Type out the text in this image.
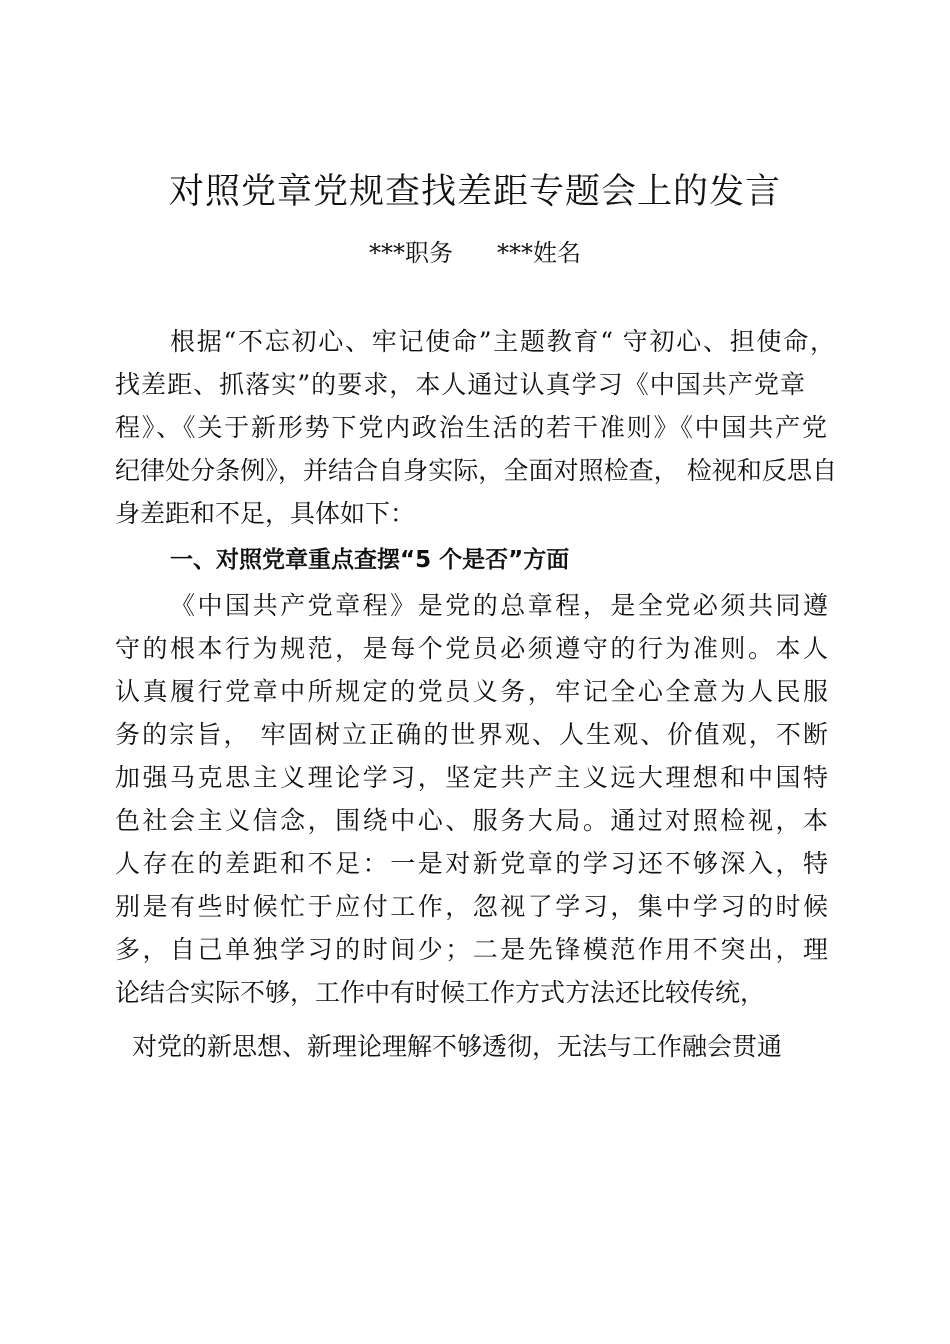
对照党章党规查找差距专题会上的发言
***职务 ***姓名
根据“不忘初心、牢记使命”主题教育“ 守初心、担使命，
找差距、抓落实”的要求，本人通过认真学习《中国共产党章
程》、《关于新形势下党内政治生活的若干准则》《中国共产党
纪律处分条例》，并结合自身实际，全面对照检查， 检视和反思自
身差距和不足，具体如下：
一、对照党章重点查摆“5 个是否”方面
《中国共产党章程》是党的总章程，是全党必须共同遵
守的根本行为规范，是每个党员必须遵守的行为准则。本人
认真履行党章中所规定的党员义务，牢记全心全意为人民服
务的宗旨， 牢固树立正确的世界观、人生观、价值观，不断
加强马克思主义理论学习，坚定共产主义远大理想和中国特
色社会主义信念，围绕中心、服务大局。通过对照检视，本
人存在的差距和不足：一是对新党章的学习还不够深入，特
别是有些时候忙于应付工作，忽视了学习，集中学习的时候
多，自己单独学习的时间少；二是先锋模范作用不突出，理
论结合实际不够，工作中有时候工作方式方法还比较传统，
对党的新思想、新理论理解不够透彻，无法与工作融会贯通
